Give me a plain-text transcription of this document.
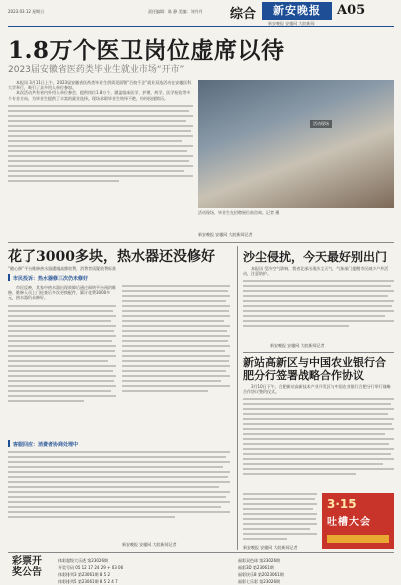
2023.03.12 星期日	责任编辑：陈 静 美编：刘丹丹 综合	新安晚报	A05
新安晚报 安徽网 大皖新闻
1.8万个医卫岗位虚席以待
2023届安徽省医药类毕业生就业市场“开市”

本报讯 3月11日上午，2023届安徽省医药类毕业生供需见面暨“百校千企”就业双选活动在安徽医科大学举行，吸引了众多用人单位参加。

本次活动共有省内外用人单位参会，提供岗位1.8万个，涵盖临床医学、护理、药学、医学检验等多个专业方向，为毕业生提供了丰富的就业选择。现场求职毕业生络绎不绝，纷纷投递简历。

活动现场

活动现场，毕业生在招聘展位前咨询。记者 摄

新安晚报 安徽网 大皖新闻记者
花了3000多块，热水器还没修好
“随心修”平台维修热水器遭遇高额收费，消费者质疑收费标准
市民投诉：热水器修三次仍未修好

市民反映，其家中热水器出现故障后通过网络平台预约维修，维修人员上门检查后多次更换配件，累计花费3000多元，热水器仍未修好。

客服回应：消费者协商处理中
新安晚报 安徽网 大皖新闻记者
沙尘侵扰，今天最好别出门

本报讯 受冷空气影响，我省北部出现沙尘天气，气象部门提醒市民减少户外活动，注意防护。

新安晚报 安徽网 大皖新闻记者
新站高新区与中国农业银行合肥分行签署战略合作协议

3月10日下午，合肥新站高新技术产业开发区与中国农业银行合肥分行举行战略合作协议签约仪式。

新安晚报 安徽网 大皖新闻记者
3·15
吐槽大会
彩票开奖公告
体彩超级大乐透 第23026期
开奖号码 05 12 17 24 29 + 03 06
体彩排列3 第23061期 8 5 2
体彩排列5 第23061期 8 5 2 4 7
福彩双色球 第23026期
福彩3D 第23061期
福彩快乐8 第2023061期
福彩七乐彩 第23026期
